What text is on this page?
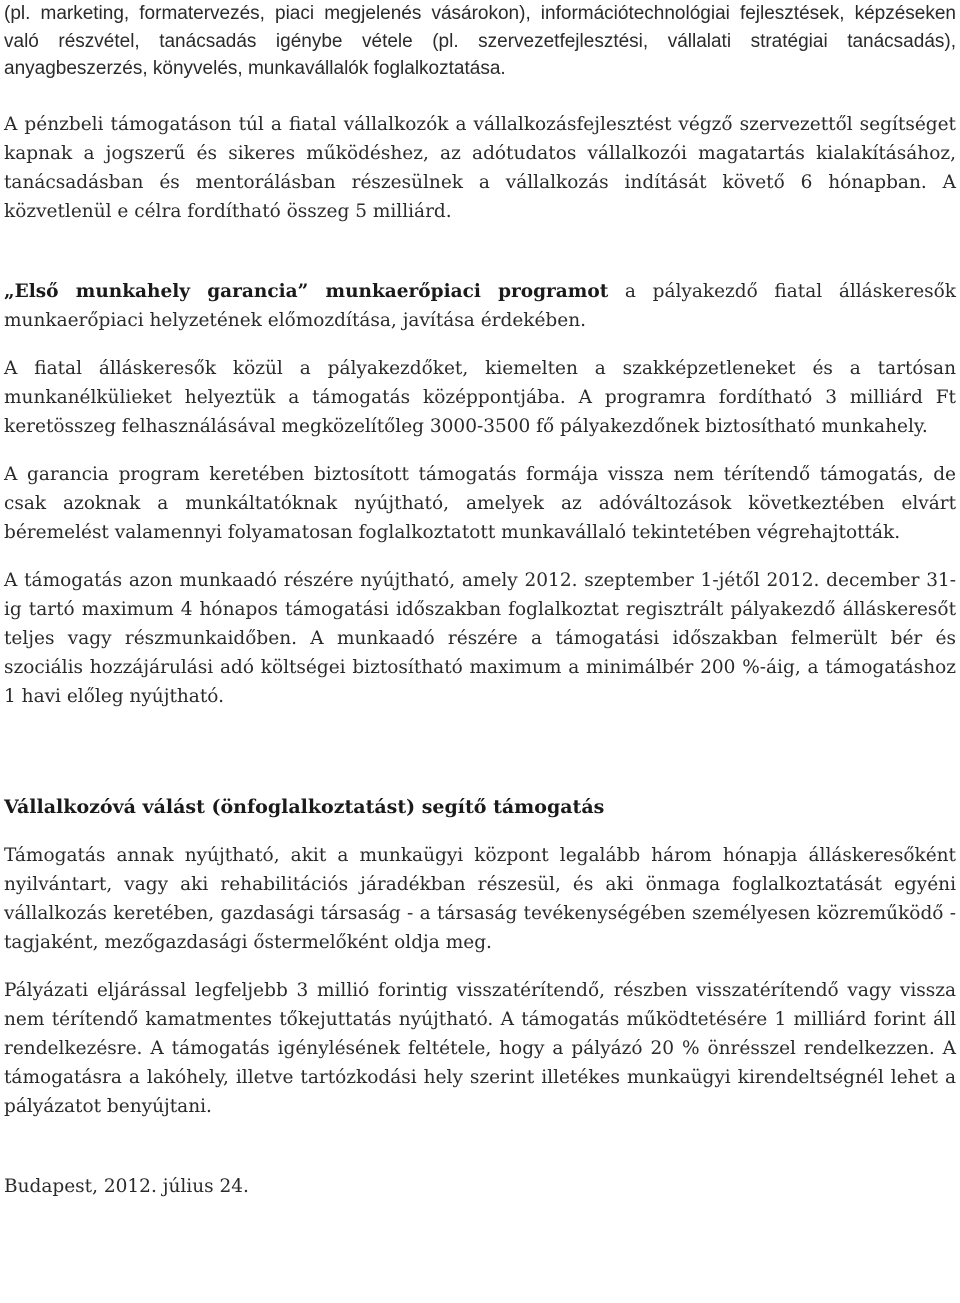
(pl. marketing, formatervezés, piaci megjelenés vásárokon), információtechnológiai fejlesztések, képzéseken való részvétel, tanácsadás igénybe vétele (pl. szervezetfejlesztési, vállalati stratégiai tanácsadás), anyagbeszerzés, könyvelés, munkavállalók foglalkoztatása.

A pénzbeli támogatáson túl a fiatal vállalkozók a vállalkozásfejlesztést végző szervezettől segítséget kapnak a jogszerű és sikeres működéshez, az adótudatos vállalkozói magatartás kialakításához, tanácsadásban és mentorálásban részesülnek a vállalkozás indítását követő 6 hónapban. A közvetlenül e célra fordítható összeg 5 milliárd.

„Első munkahely garancia” munkaerőpiaci programot a pályakezdő fiatal álláskeresők munkaerőpiaci helyzetének előmozdítása, javítása érdekében.

A fiatal álláskeresők közül a pályakezdőket, kiemelten a szakképzetleneket és a tartósan munkanélkülieket helyeztük a támogatás középpontjába. A programra fordítható 3 milliárd Ft keretösszeg felhasználásával megközelítőleg 3000-3500 fő pályakezdőnek biztosítható munkahely.

A garancia program keretében biztosított támogatás formája vissza nem térítendő támogatás, de csak azoknak a munkáltatóknak nyújtható, amelyek az adóváltozások következtében elvárt béremelést valamennyi folyamatosan foglalkoztatott munkavállaló tekintetében végrehajtották.

A támogatás azon munkaadó részére nyújtható, amely 2012. szeptember 1-jétől 2012. december 31-ig tartó maximum 4 hónapos támogatási időszakban foglalkoztat regisztrált pályakezdő álláskeresőt teljes vagy részmunkaidőben. A munkaadó részére a támogatási időszakban felmerült bér és szociális hozzájárulási adó költségei biztosítható maximum a minimálbér 200 %-áig, a támogatáshoz 1 havi előleg nyújtható.

Vállalkozóvá válást (önfoglalkoztatást) segítő támogatás

Támogatás annak nyújtható, akit a munkaügyi központ legalább három hónapja álláskeresőként nyilvántart, vagy aki rehabilitációs járadékban részesül, és aki önmaga foglalkoztatását egyéni vállalkozás keretében, gazdasági társaság - a társaság tevékenységében személyesen közreműködő - tagjaként, mezőgazdasági őstermelőként oldja meg.

Pályázati eljárással legfeljebb 3 millió forintig visszatérítendő, részben visszatérítendő vagy vissza nem térítendő kamatmentes tőkejuttatás nyújtható. A támogatás működtetésére 1 milliárd forint áll rendelkezésre. A támogatás igénylésének feltétele, hogy a pályázó 20 % önrésszel rendelkezzen. A támogatásra a lakóhely, illetve tartózkodási hely szerint illetékes munkaügyi kirendeltségnél lehet a pályázatot benyújtani.

Budapest, 2012. július 24.
